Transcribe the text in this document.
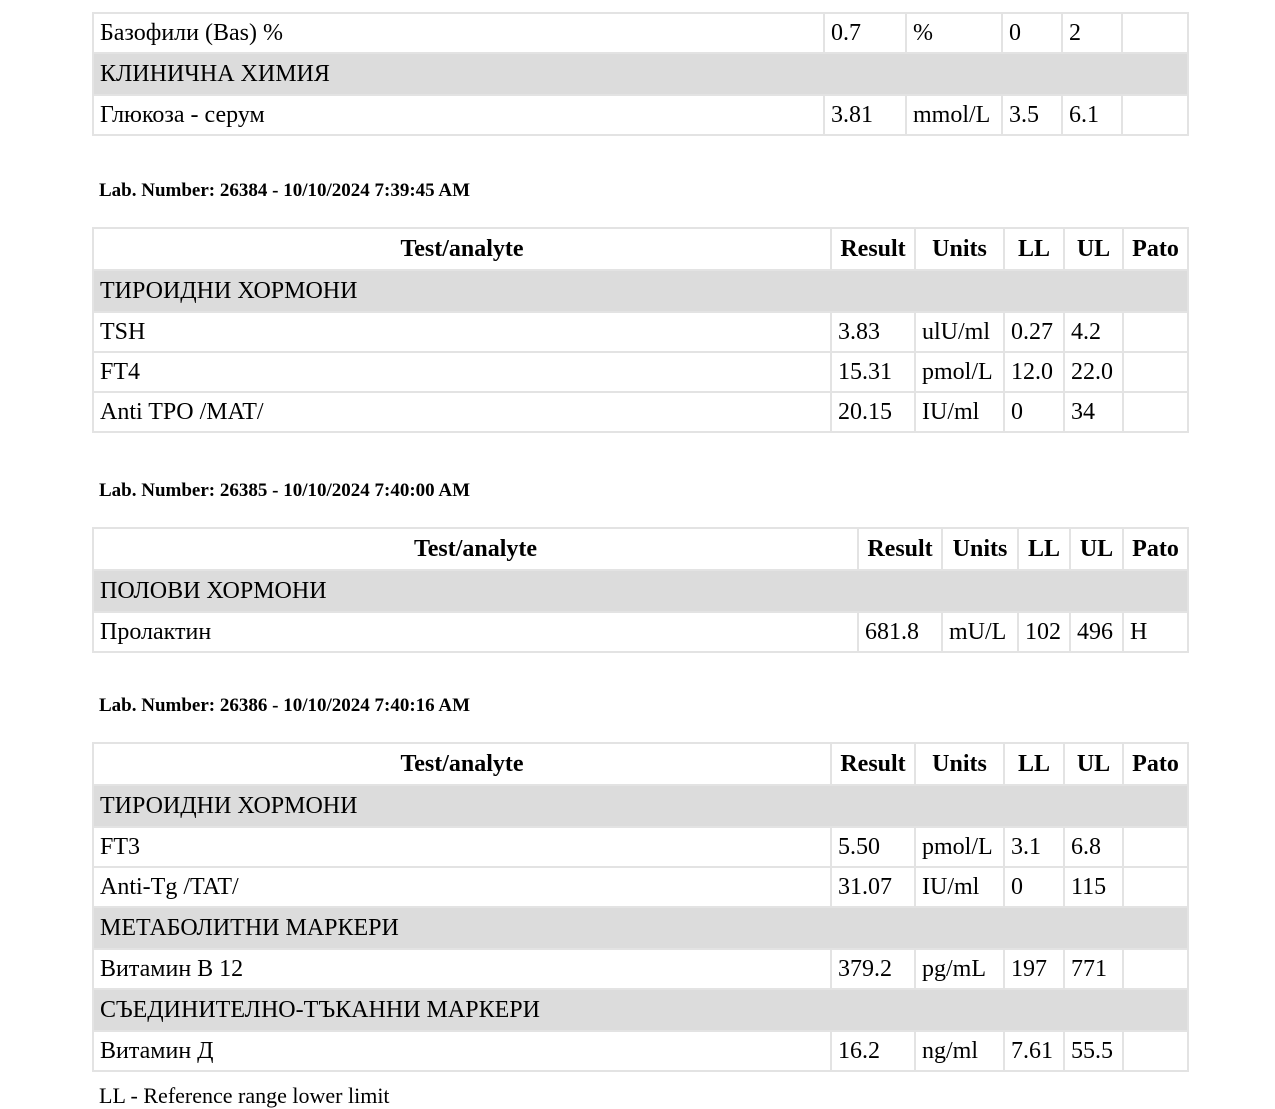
Базофили (Bas) %	0.7	%	0	2	
КЛИНИЧНА ХИМИЯ					
Глюкоза - серум	3.81	mmol/L	3.5	6.1	
Lab. Number: 26384 - 10/10/2024 7:39:45 AM
Test/analyte	Result	Units	LL	UL	Pato
ТИРОИДНИ ХОРМОНИ					
TSH	3.83	ulU/ml	0.27	4.2	
FT4	15.31	pmol/L	12.0	22.0	
Anti TPO /MAT/	20.15	IU/ml	0	34	
Lab. Number: 26385 - 10/10/2024 7:40:00 AM
Test/analyte	Result	Units	LL	UL	Pato
ПОЛОВИ ХОРМОНИ					
Пролактин	681.8	mU/L	102	496	H
Lab. Number: 26386 - 10/10/2024 7:40:16 AM
Test/analyte	Result	Units	LL	UL	Pato
ТИРОИДНИ ХОРМОНИ					
FT3	5.50	pmol/L	3.1	6.8	
Anti-Tg /TAT/	31.07	IU/ml	0	115	
МЕТАБОЛИТНИ МАРКЕРИ					
Витамин B 12	379.2	pg/mL	197	771	
СЪЕДИНИТЕЛНО-ТЪКАННИ МАРКЕРИ					
Витамин Д	16.2	ng/ml	7.61	55.5	
LL - Reference range lower limit
